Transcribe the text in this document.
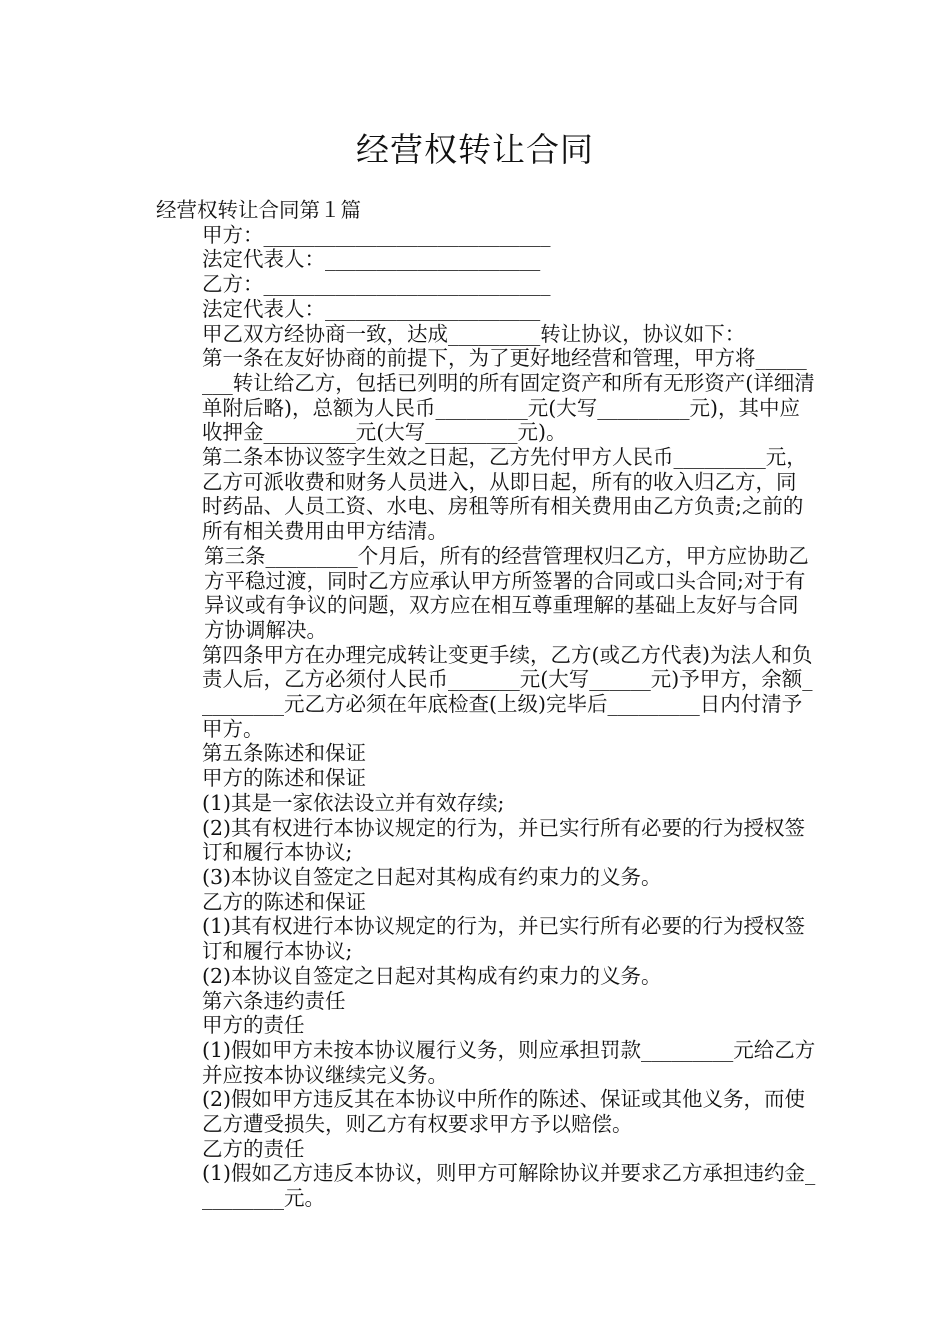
经营权转让合同

经营权转让合同第１篇

甲方：____________________________

法定代表人：_____________________

乙方：____________________________

法定代表人：_____________________

甲乙双方经协商一致，达成_________转让协议，协议如下：

第一条在友好协商的前提下，为了更好地经营和管理，甲方将________转让给乙方，包括已列明的所有固定资产和所有无形资产(详细清单附后略)，总额为人民币_________元(大写_________元)，其中应收押金_________元(大写_________元)。

第二条本协议签字生效之日起，乙方先付甲方人民币_________元，乙方可派收费和财务人员进入，从即日起，所有的收入归乙方，同时药品、人员工资、水电、房租等所有相关费用由乙方负责;之前的所有相关费用由甲方结清。

第三条_________个月后，所有的经营管理权归乙方，甲方应协助乙方平稳过渡，同时乙方应承认甲方所签署的合同或口头合同;对于有异议或有争议的问题，双方应在相互尊重理解的基础上友好与合同方协调解决。

第四条甲方在办理完成转让变更手续，乙方(或乙方代表)为法人和负责人后，乙方必须付人民币_______元(大写______元)予甲方，余额_________元乙方必须在年底检查(上级)完毕后_________日内付清予甲方。

第五条陈述和保证

甲方的陈述和保证

(1)其是一家依法设立并有效存续;

(2)其有权进行本协议规定的行为，并已实行所有必要的行为授权签订和履行本协议;

(3)本协议自签定之日起对其构成有约束力的义务。

乙方的陈述和保证

(1)其有权进行本协议规定的行为，并已实行所有必要的行为授权签订和履行本协议;

(2)本协议自签定之日起对其构成有约束力的义务。

第六条违约责任

甲方的责任

(1)假如甲方未按本协议履行义务，则应承担罚款_________元给乙方并应按本协议继续完义务。

(2)假如甲方违反其在本协议中所作的陈述、保证或其他义务，而使乙方遭受损失，则乙方有权要求甲方予以赔偿。

乙方的责任

(1)假如乙方违反本协议，则甲方可解除协议并要求乙方承担违约金_________元。
